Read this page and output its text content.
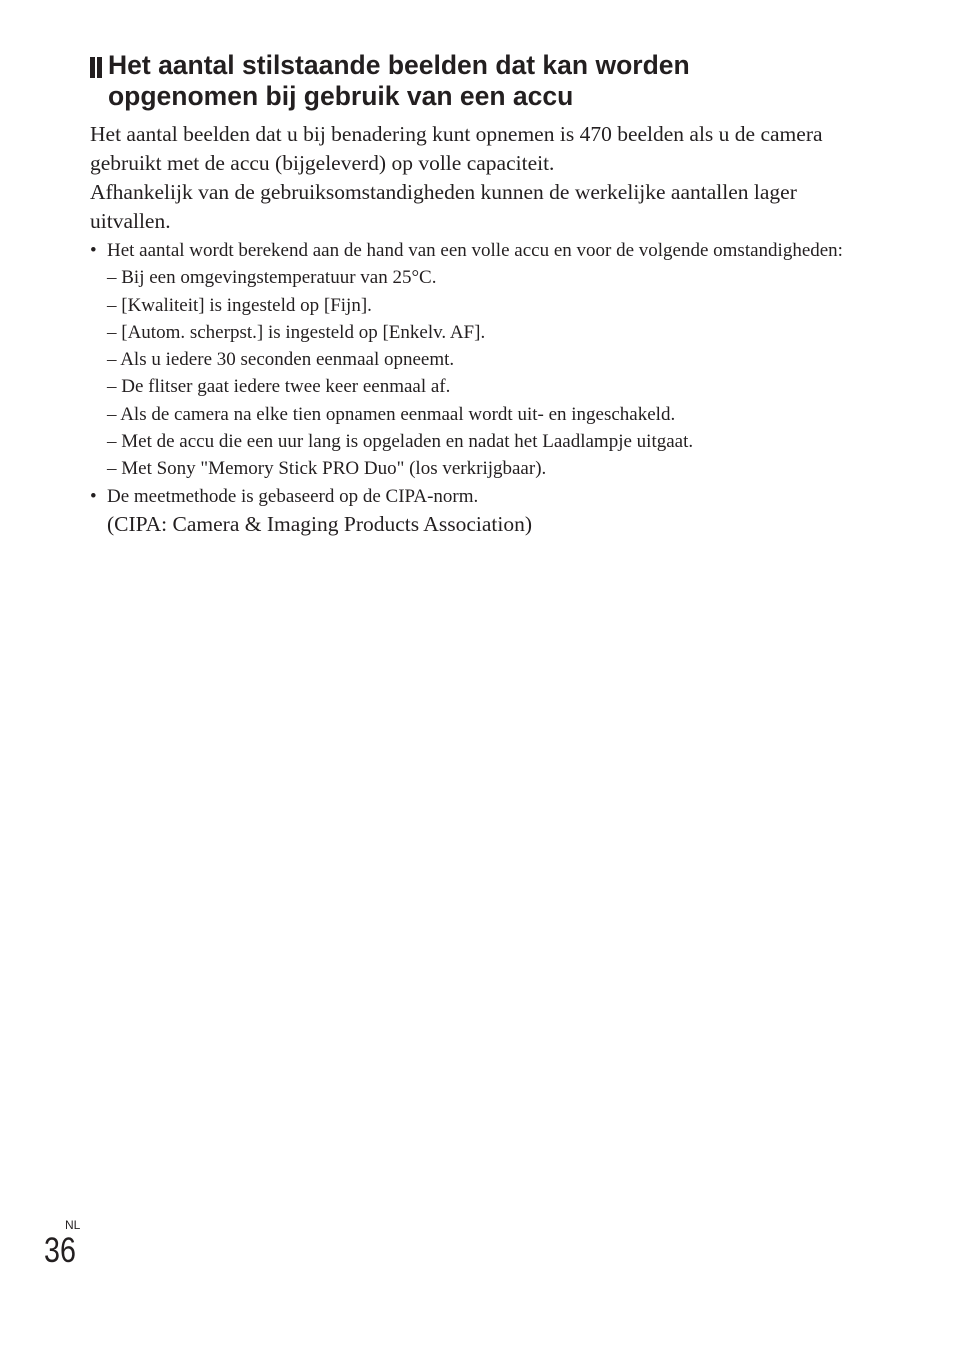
Het aantal stilstaande beelden dat kan worden
opgenomen bij gebruik van een accu

Het aantal beelden dat u bij benadering kunt opnemen is 470 beelden als u de camera gebruikt met de accu (bijgeleverd) op volle capaciteit.

Afhankelijk van de gebruiksomstandigheden kunnen de werkelijke aantallen lager uitvallen.

• Het aantal wordt berekend aan de hand van een volle accu en voor de volgende omstandigheden:
– Bij een omgevingstemperatuur van 25°C.
– [Kwaliteit] is ingesteld op [Fijn].
– [Autom. scherpst.] is ingesteld op [Enkelv. AF].
– Als u iedere 30 seconden eenmaal opneemt.
– De flitser gaat iedere twee keer eenmaal af.
– Als de camera na elke tien opnamen eenmaal wordt uit- en ingeschakeld.
– Met de accu die een uur lang is opgeladen en nadat het Laadlampje uitgaat.
– Met Sony "Memory Stick PRO Duo" (los verkrijgbaar).
• De meetmethode is gebaseerd op de CIPA-norm.
(CIPA: Camera & Imaging Products Association)
NL
36
